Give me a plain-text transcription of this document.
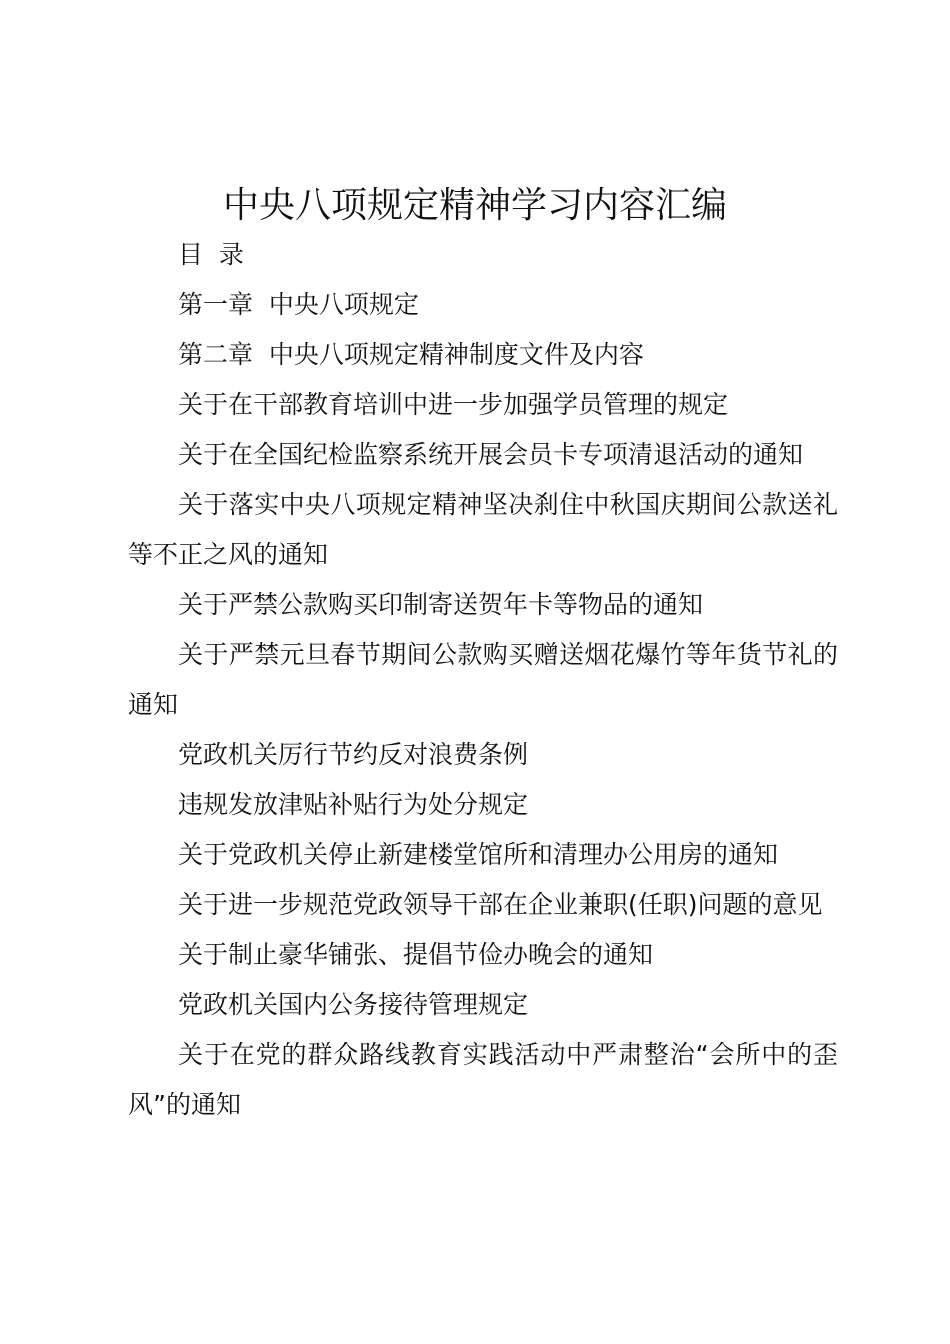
中央八项规定精神学习内容汇编

目  录

第一章  中央八项规定

第二章  中央八项规定精神制度文件及内容

关于在干部教育培训中进一步加强学员管理的规定

关于在全国纪检监察系统开展会员卡专项清退活动的通知

关于落实中央八项规定精神坚决刹住中秋国庆期间公款送礼等不正之风的通知

关于严禁公款购买印制寄送贺年卡等物品的通知

关于严禁元旦春节期间公款购买赠送烟花爆竹等年货节礼的通知

党政机关厉行节约反对浪费条例

违规发放津贴补贴行为处分规定

关于党政机关停止新建楼堂馆所和清理办公用房的通知

关于进一步规范党政领导干部在企业兼职(任职)问题的意见

关于制止豪华铺张、提倡节俭办晚会的通知

党政机关国内公务接待管理规定

关于在党的群众路线教育实践活动中严肃整治“会所中的歪风”的通知
